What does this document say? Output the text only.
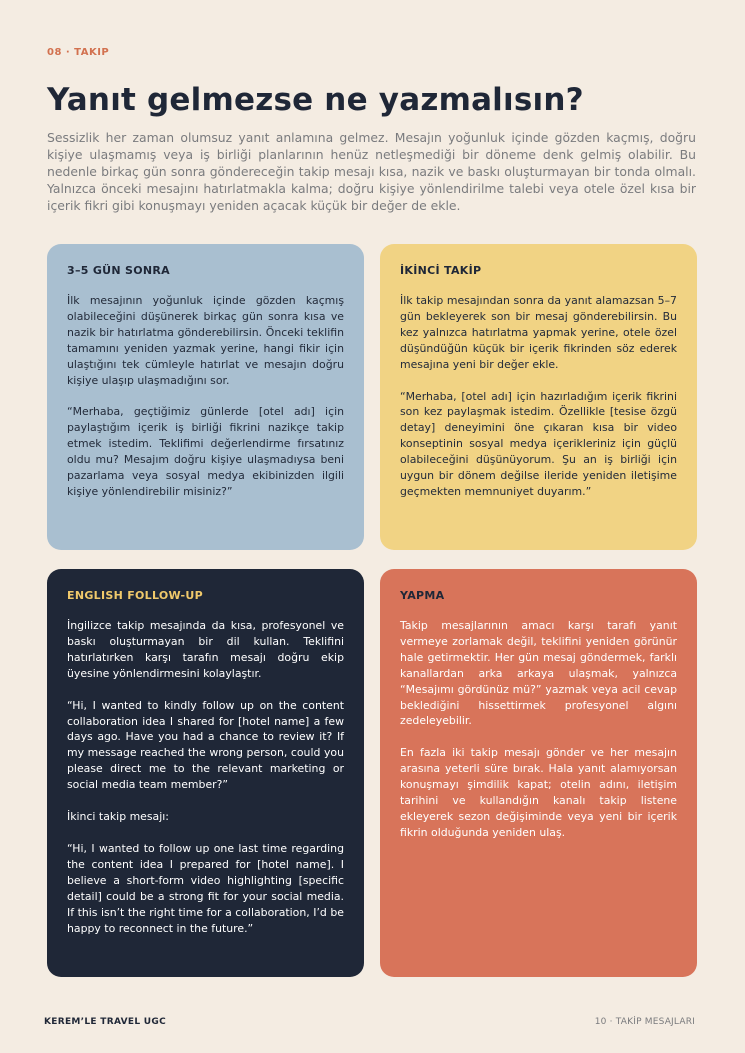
08 · TAKIP
Yanıt gelmezse ne yazmalısın?

Sessizlik her zaman olumsuz yanıt anlamına gelmez. Mesajın yoğunluk içinde gözden kaçmış, doğru kişiye ulaşmamış veya iş birliği planlarının henüz netleşmediği bir döneme denk gelmiş olabilir. Bu nedenle birkaç gün sonra göndereceğin takip mesajı kısa, nazik ve baskı oluşturmayan bir tonda olmalı. Yalnızca önceki mesajını hatırlatmakla kalma; doğru kişiye yönlendirilme talebi veya otele özel kısa bir içerik fikri gibi konuşmayı yeniden açacak küçük bir değer de ekle.

3–5 GÜN SONRA

İlk mesajının yoğunluk içinde gözden kaçmış olabileceğini düşünerek birkaç gün sonra kısa ve nazik bir hatırlatma gönderebilirsin. Önceki teklifin tamamını yeniden yazmak yerine, hangi fikir için ulaştığını tek cümleyle hatırlat ve mesajın doğru kişiye ulaşıp ulaşmadığını sor.

“Merhaba, geçtiğimiz günlerde [otel adı] için paylaştığım içerik iş birliği fikrini nazikçe takip etmek istedim. Teklifimi değerlendirme fırsatınız oldu mu? Mesajım doğru kişiye ulaşmadıysa beni pazarlama veya sosyal medya ekibinizden ilgili kişiye yönlendirebilir misiniz?”

İKİNCİ TAKİP

İlk takip mesajından sonra da yanıt alamazsan 5–7 gün bekleyerek son bir mesaj gönderebilirsin. Bu kez yalnızca hatırlatma yapmak yerine, otele özel düşündüğün küçük bir içerik fikrinden söz ederek mesajına yeni bir değer ekle.

“Merhaba, [otel adı] için hazırladığım içerik fikrini son kez paylaşmak istedim. Özellikle [tesise özgü detay] deneyimini öne çıkaran kısa bir video konseptinin sosyal medya içerikleriniz için güçlü olabileceğini düşünüyorum. Şu an iş birliği için uygun bir dönem değilse ileride yeniden iletişime geçmekten memnuniyet duyarım.”

ENGLISH FOLLOW-UP

İngilizce takip mesajında da kısa, profesyonel ve baskı oluşturmayan bir dil kullan. Teklifini hatırlatırken karşı tarafın mesajı doğru ekip üyesine yönlendirmesini kolaylaştır.

“Hi, I wanted to kindly follow up on the content collaboration idea I shared for [hotel name] a few days ago. Have you had a chance to review it? If my message reached the wrong person, could you please direct me to the relevant marketing or social media team member?”

İkinci takip mesajı:

“Hi, I wanted to follow up one last time regarding the content idea I prepared for [hotel name]. I believe a short-form video highlighting [specific detail] could be a strong fit for your social media. If this isn’t the right time for a collaboration, I’d be happy to reconnect in the future.”

YAPMA

Takip mesajlarının amacı karşı tarafı yanıt vermeye zorlamak değil, teklifini yeniden görünür hale getirmektir. Her gün mesaj göndermek, farklı kanallardan arka arkaya ulaşmak, yalnızca “Mesajımı gördünüz mü?” yazmak veya acil cevap beklediğini hissettirmek profesyonel algını zedeleyebilir.

En fazla iki takip mesajı gönder ve her mesajın arasına yeterli süre bırak. Hala yanıt alamıyorsan konuşmayı şimdilik kapat; otelin adını, iletişim tarihini ve kullandığın kanalı takip listene ekleyerek sezon değişiminde veya yeni bir içerik fikrin olduğunda yeniden ulaş.

KEREM’LE TRAVEL UGC	10 · TAKİP MESAJLARI
